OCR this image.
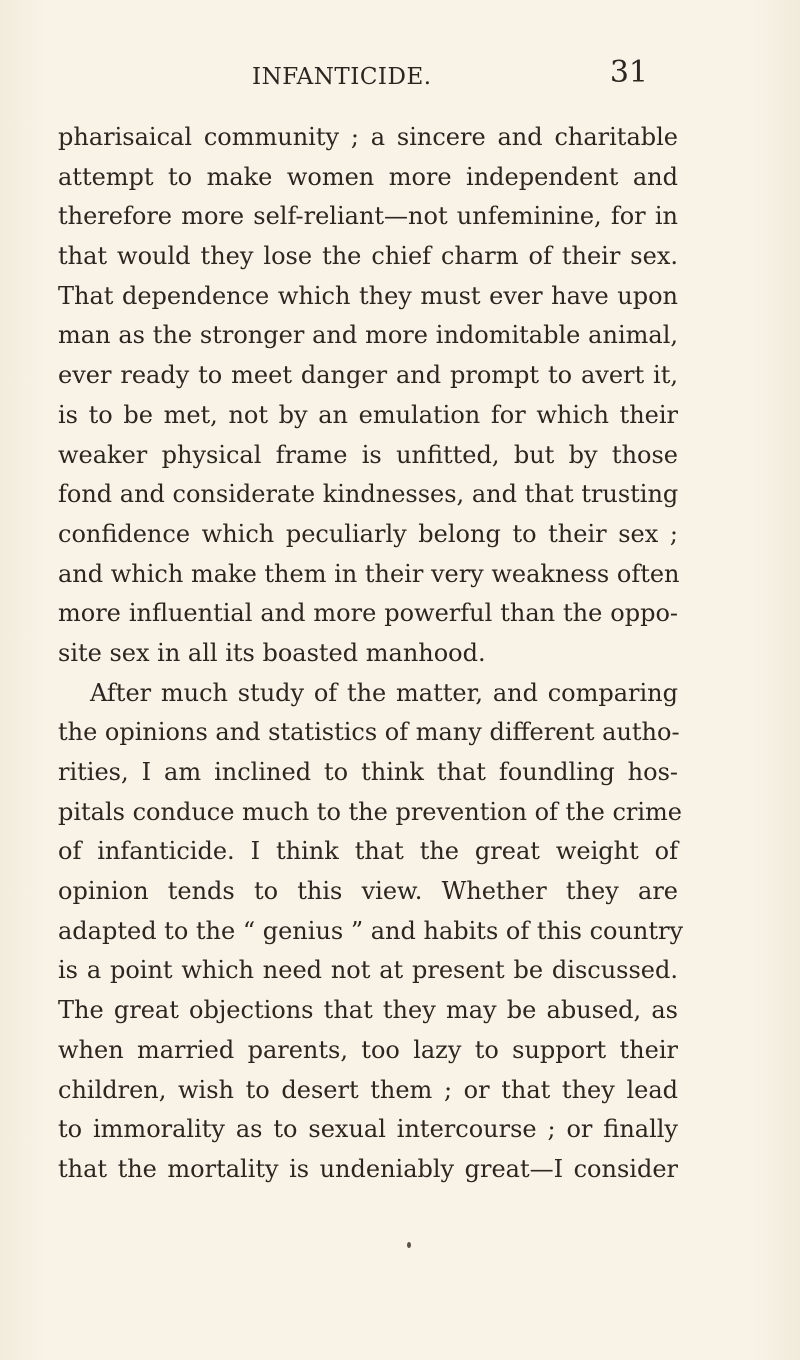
INFANTICIDE.	31
pharisaical community ; a sincere and charitable
attempt to make women more independent and
therefore more self-reliant—not unfeminine, for in
that would they lose the chief charm of their sex.
That dependence which they must ever have upon
man as the stronger and more indomitable animal,
ever ready to meet danger and prompt to avert it,
is to be met, not by an emulation for which their
weaker physical frame is unfitted, but by those
fond and considerate kindnesses, and that trusting
confidence which peculiarly belong to their sex ;
and which make them in their very weakness often
more influential and more powerful than the oppo-
site sex in all its boasted manhood.
After much study of the matter, and comparing
the opinions and statistics of many different autho-
rities, I am inclined to think that foundling hos-
pitals conduce much to the prevention of the crime
of infanticide. I think that the great weight of
opinion tends to this view. Whether they are
adapted to the “ genius ” and habits of this country
is a point which need not at present be discussed.
The great objections that they may be abused, as
when married parents, too lazy to support their
children, wish to desert them ; or that they lead
to immorality as to sexual intercourse ; or finally
that the mortality is undeniably great—I consider
